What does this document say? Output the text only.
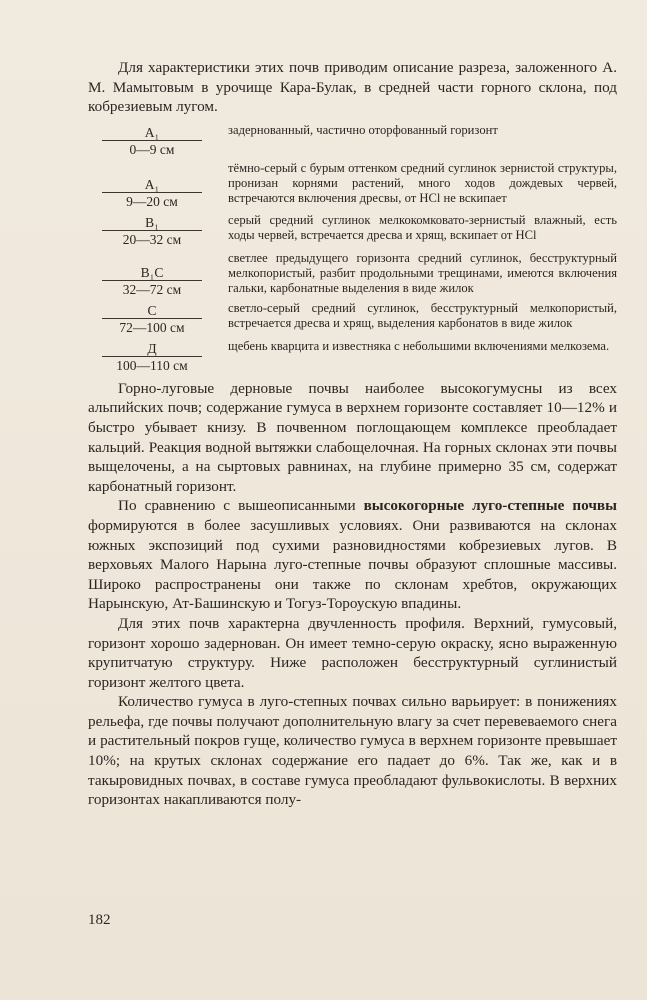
Для характеристики этих почв приводим описание разреза, заложенного А. М. Мамытовым в урочище Кара-Булак, в средней части горного склона, под кобрезиевым лугом.

A₁
0—9 см
задернованный, частично оторфованный горизонт
A₁
9—20 см
тёмно-серый с бурым оттенком средний суглинок зернистой структуры, пронизан корнями растений, много ходов дождевых червей, встречаются включения дресвы, от HCl не вскипает
B₁
20—32 см
серый средний суглинок мелкокомковато-зернистый влажный, есть ходы червей, встречается дресва и хрящ, вскипает от HCl
B₁C
32—72 см
светлее предыдущего горизонта средний суглинок, бесструктурный мелкопористый, разбит продольными трещинами, имеются включения гальки, карбонатные выделения в виде жилок
C
72—100 см
светло-серый средний суглинок, бесструктурный мелкопористый, встречается дресва и хрящ, выделения карбонатов в виде жилок
Д
100—110 см
щебень кварцита и известняка с небольшими включениями мелкозема.

Горно-луговые дерновые почвы наиболее высокогумусны из всех альпийских почв; содержание гумуса в верхнем горизонте составляет 10—12% и быстро убывает книзу. В почвенном поглощающем комплексе преобладает кальций. Реакция водной вытяжки слабощелочная. На горных склонах эти почвы выщелочены, а на сыртовых равнинах, на глубине примерно 35 см, содержат карбонатный горизонт.

По сравнению с вышеописанными высокогорные луго-степные почвы формируются в более засушливых условиях. Они развиваются на склонах южных экспозиций под сухими разновидностями кобрезиевых лугов. В верховьях Малого Нарына луго-степные почвы образуют сплошные массивы. Широко распространены они также по склонам хребтов, окружающих Нарынскую, Ат-Башинскую и Тогуз-Тороускую впадины.

Для этих почв характерна двучленность профиля. Верхний, гумусовый, горизонт хорошо задернован. Он имеет темно-серую окраску, ясно выраженную крупитчатую структуру. Ниже расположен бесструктурный суглинистый горизонт желтого цвета.

Количество гумуса в луго-степных почвах сильно варьирует: в понижениях рельефа, где почвы получают дополнительную влагу за счет перевеваемого снега и растительный покров гуще, количество гумуса в верхнем горизонте превышает 10%; на крутых склонах содержание его падает до 6%. Так же, как и в такыровидных почвах, в составе гумуса преобладают фульвокислоты. В верхних горизонтах накапливаются полу-

182
